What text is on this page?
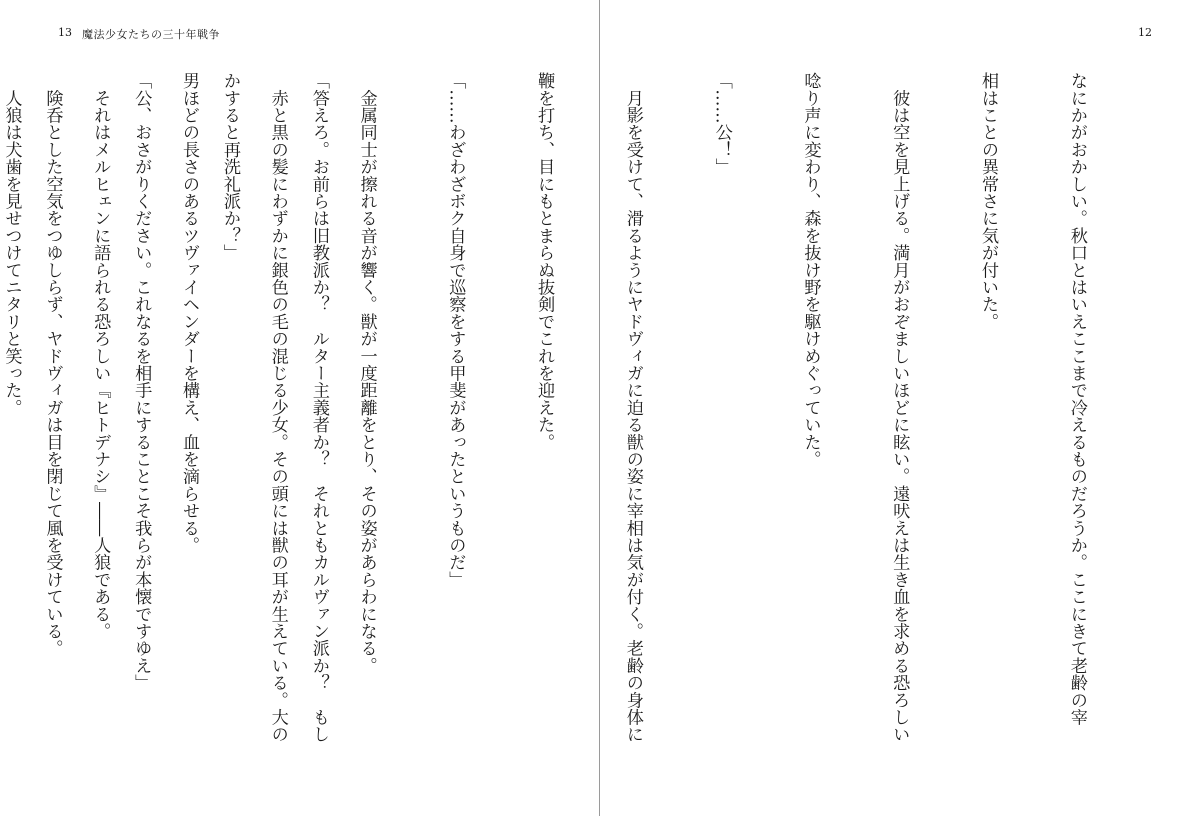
13 魔法少女たちの三十年戦争

「答えろ。お前らは旧教派か？　ルター主義者か？　それともカルヴァン派か？　もし

かすると再洗礼派か？」

「公、おさがりください。これなるを相手にすることこそ我らが本懐ですゆえ」

　険呑とした空気をつゆしらず、ヤドヴィガは目を閉じて風を受けている。

12

なにかがおかしい。秋口とはいえここまで冷えるものだろうか。ここにきて老齢の宰

相はことの異常さに気が付いた。

　彼は空を見上げる。満月がおぞましいほどに眩い。遠吠えは生き血を求める恐ろしい

唸り声に変わり、森を抜け野を駆けめぐっていた。

「……公！」

　月影を受けて、滑るようにヤドヴィガに迫る獣の姿に宰相は気が付く。老齢の身体に

鞭を打ち、目にもとまらぬ抜剣でこれを迎えた。

「……わざわざボク自身で巡察をする甲斐があったというものだ」

　金属同士が擦れる音が響く。獣が一度距離をとり、その姿があらわになる。

　赤と黒の髪にわずかに銀色の毛の混じる少女。その頭には獣の耳が生えている。大の

男ほどの長さのあるツヴァイヘンダーを構え、血を滴らせる。

　それはメルヒェンに語られる恐ろしい『ヒトデナシ』――人狼である。

　人狼は犬歯を見せつけてニタリと笑った。
